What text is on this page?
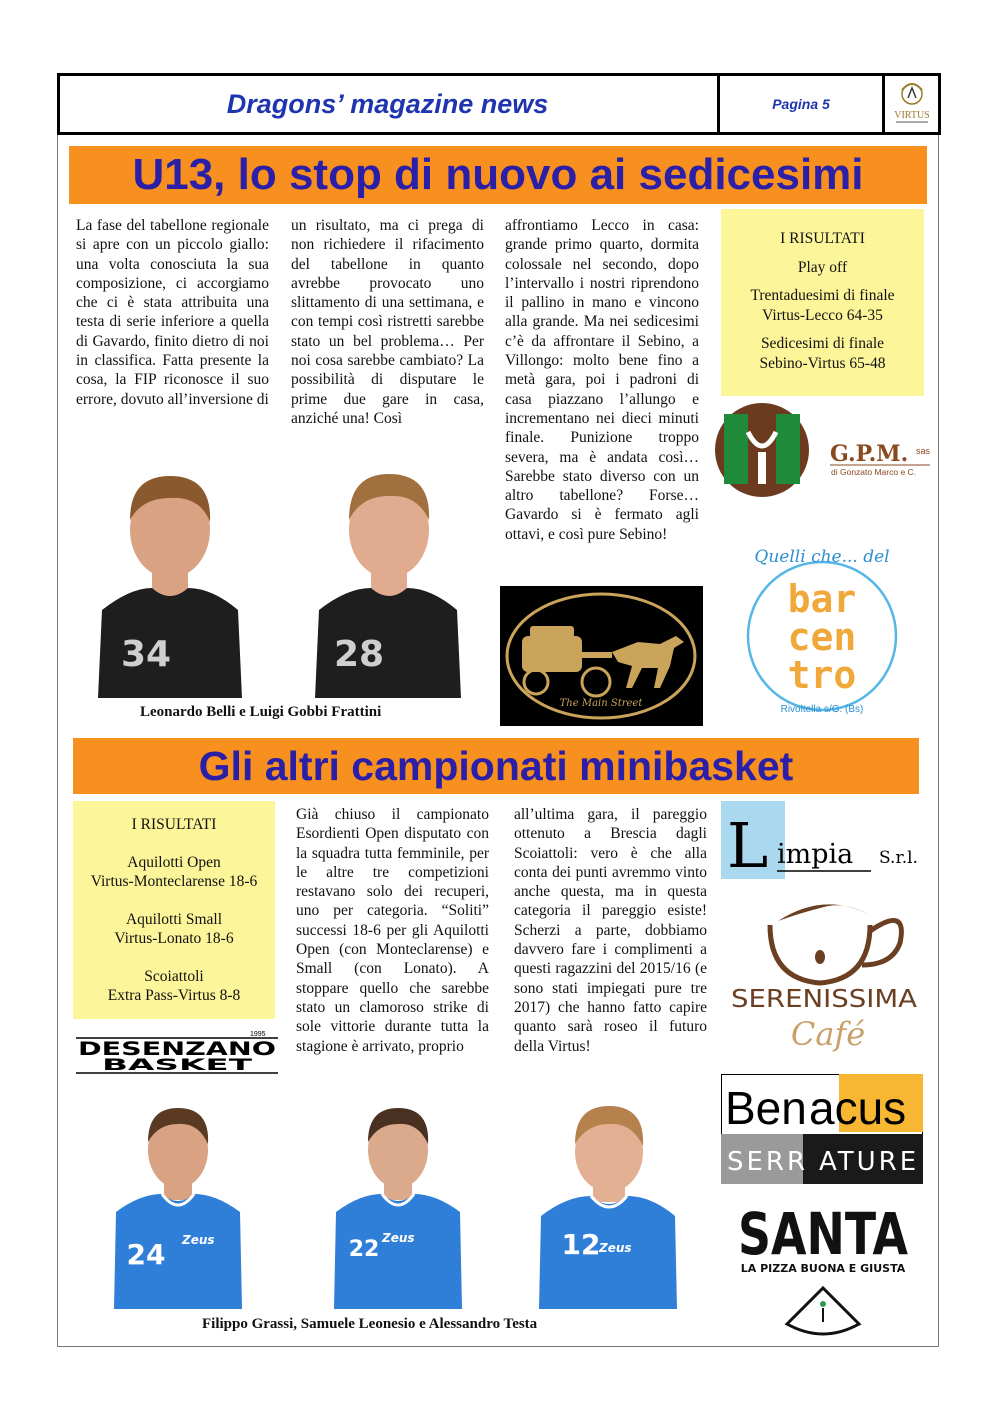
Dragons’ magazine news	Pagina 5
VIRTUS
U13, lo stop di nuovo ai sedicesimi

La fase del tabellone regionale si apre con un piccolo giallo: una volta conosciuta la sua composizione, ci accorgiamo che ci è stata attribuita una testa di serie inferiore a quella di Gavardo, finito dietro di noi in classifica. Fatta presente la cosa, la FIP riconosce il suo errore, dovuto all’inversione di

un risultato, ma ci prega di non richiedere il rifacimento del tabellone in quanto avrebbe provocato uno slittamento di una settimana, e con tempi così ristretti sarebbe stato un bel problema… Per noi cosa sarebbe cambiato? La possibilità di disputare le prime due gare in casa, anziché una! Così

affrontiamo Lecco in casa: grande primo quarto, dormita colossale nel secondo, dopo l’intervallo i nostri riprendono il pallino in mano e vincono alla grande. Ma nei sedicesimi c’è da affrontare il Sebino, a Villongo: molto bene fino a metà gara, poi i padroni di casa piazzano l’allungo e incrementano nei dieci minuti finale. Punizione troppo severa, ma è andata così… Sarebbe stato diverso con un altro tabellone? Forse… Gavardo si è fermato agli ottavi, e così pure Sebino!

I RISULTATI
Play off
Trentaduesimi di finale
Virtus-Lecco 64-35
Sedicesimi di finale
Sebino-Virtus 65-48
G.P.M. sas
di Gonzato Marco e C.
Quelli che... del
bar
cen
tro
Rivoltella s/G. (Bs)
The Main Street
34	28
Leonardo Belli e Luigi Gobbi Frattini
Gli altri campionati minibasket
I RISULTATI
Aquilotti Open
Virtus-Monteclarense 18-6
Aquilotti Small
Virtus-Lonato 18-6
Scoiattoli
Extra Pass-Virtus 8-8
1995
DESENZANO
BASKET

Già chiuso il campionato Esordienti Open disputato con la squadra tutta femminile, per le altre tre competizioni restavano solo dei recuperi, uno per categoria. “Soliti” successi 18-6 per gli Aquilotti Open (con Monteclarense) e Small (con Lonato). A stoppare quello che sarebbe stato un clamoroso strike di sole vittorie durante tutta la stagione è arrivato, proprio

all’ultima gara, il pareggio ottenuto a Brescia dagli Scoiattoli: vero è che alla conta dei punti avremmo vinto anche questa, ma in questa categoria il pareggio esiste! Scherzi a parte, dobbiamo davvero fare i complimenti a questi ragazzini del 2015/16 (e sono stati impiegati pure tre 2017) che hanno fatto capire quanto sarà roseo il futuro della Virtus!

L impia S.r.l.
SERENISSIMA
Café
Ben acus
SERR ATURE
SANTA
LA PIZZA BUONA E GIUSTA
24 Zeus	22 Zeus	12
Zeus
Filippo Grassi, Samuele Leonesio e Alessandro Testa
